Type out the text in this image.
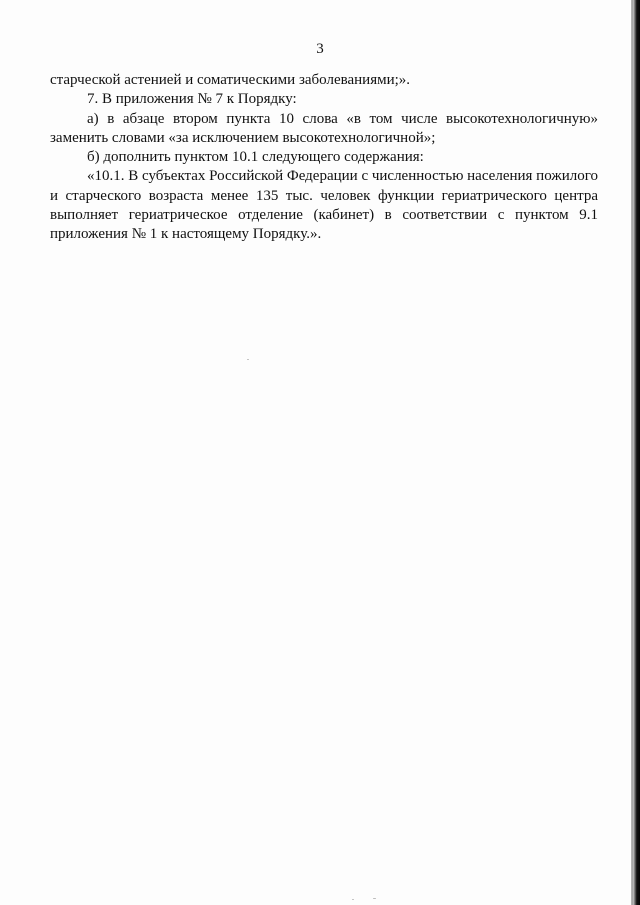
3

старческой астенией и соматическими заболеваниями;».

7. В приложения № 7 к Порядку:

а) в абзаце втором пункта 10 слова «в том числе высокотехнологичную» заменить словами «за исключением высокотехнологичной»;

б) дополнить пунктом 10.1 следующего содержания:

«10.1. В субъектах Российской Федерации с численностью населения пожилого и старческого возраста менее 135 тыс. человек функции гериатрического центра выполняет гериатрическое отделение (кабинет) в соответствии с пунктом 9.1 приложения № 1 к настоящему Порядку.».
